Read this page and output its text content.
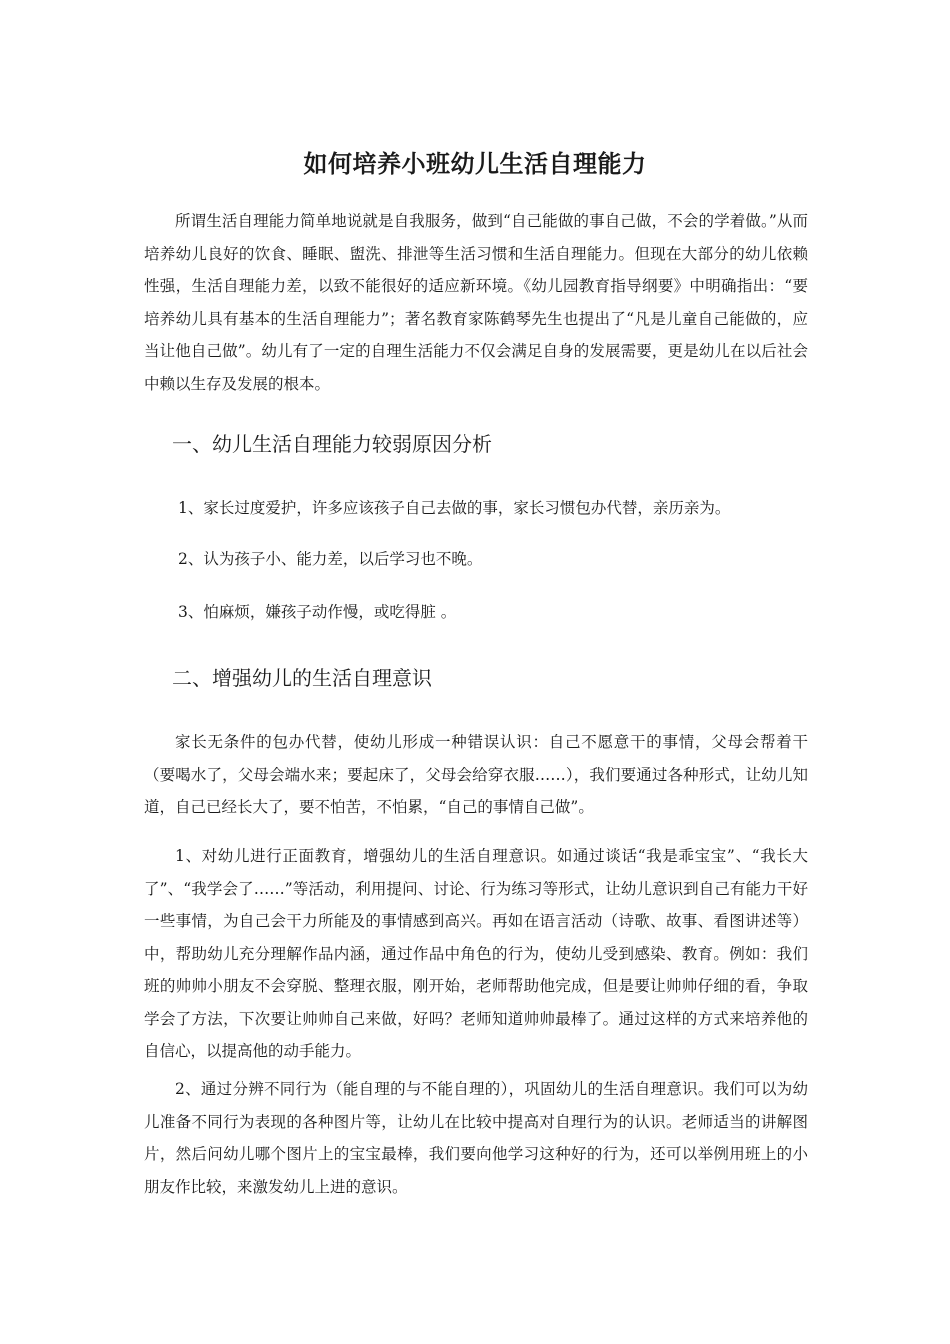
如何培养小班幼儿生活自理能力

所谓生活自理能力简单地说就是自我服务，做到“自己能做的事自己做，不会的学着做。”从而培养幼儿良好的饮食、睡眠、盥洗、排泄等生活习惯和生活自理能力。但现在大部分的幼儿依赖性强，生活自理能力差，以致不能很好的适应新环境。《幼儿园教育指导纲要》中明确指出：“要培养幼儿具有基本的生活自理能力”；著名教育家陈鹤琴先生也提出了“凡是儿童自己能做的，应当让他自己做”。幼儿有了一定的自理生活能力不仅会满足自身的发展需要，更是幼儿在以后社会中赖以生存及发展的根本。

一、幼儿生活自理能力较弱原因分析

1、家长过度爱护，许多应该孩子自己去做的事，家长习惯包办代替，亲历亲为。

2、认为孩子小、能力差，以后学习也不晚。

3、怕麻烦，嫌孩子动作慢，或吃得脏 。

二、增强幼儿的生活自理意识

家长无条件的包办代替，使幼儿形成一种错误认识：自己不愿意干的事情，父母会帮着干（要喝水了，父母会端水来；要起床了，父母会给穿衣服……），我们要通过各种形式，让幼儿知道，自己已经长大了，要不怕苦，不怕累，“自己的事情自己做”。

1、对幼儿进行正面教育，增强幼儿的生活自理意识。如通过谈话“我是乖宝宝”、“我长大了”、“我学会了……”等活动，利用提问、讨论、行为练习等形式，让幼儿意识到自己有能力干好一些事情，为自己会干力所能及的事情感到高兴。再如在语言活动（诗歌、故事、看图讲述等）中，帮助幼儿充分理解作品内涵，通过作品中角色的行为，使幼儿受到感染、教育。例如：我们班的帅帅小朋友不会穿脱、整理衣服，刚开始，老师帮助他完成，但是要让帅帅仔细的看，争取学会了方法，下次要让帅帅自己来做，好吗？老师知道帅帅最棒了。通过这样的方式来培养他的自信心，以提高他的动手能力。

2、通过分辨不同行为（能自理的与不能自理的），巩固幼儿的生活自理意识。我们可以为幼儿准备不同行为表现的各种图片等，让幼儿在比较中提高对自理行为的认识。老师适当的讲解图片，然后问幼儿哪个图片上的宝宝最棒，我们要向他学习这种好的行为，还可以举例用班上的小朋友作比较，来激发幼儿上进的意识。
